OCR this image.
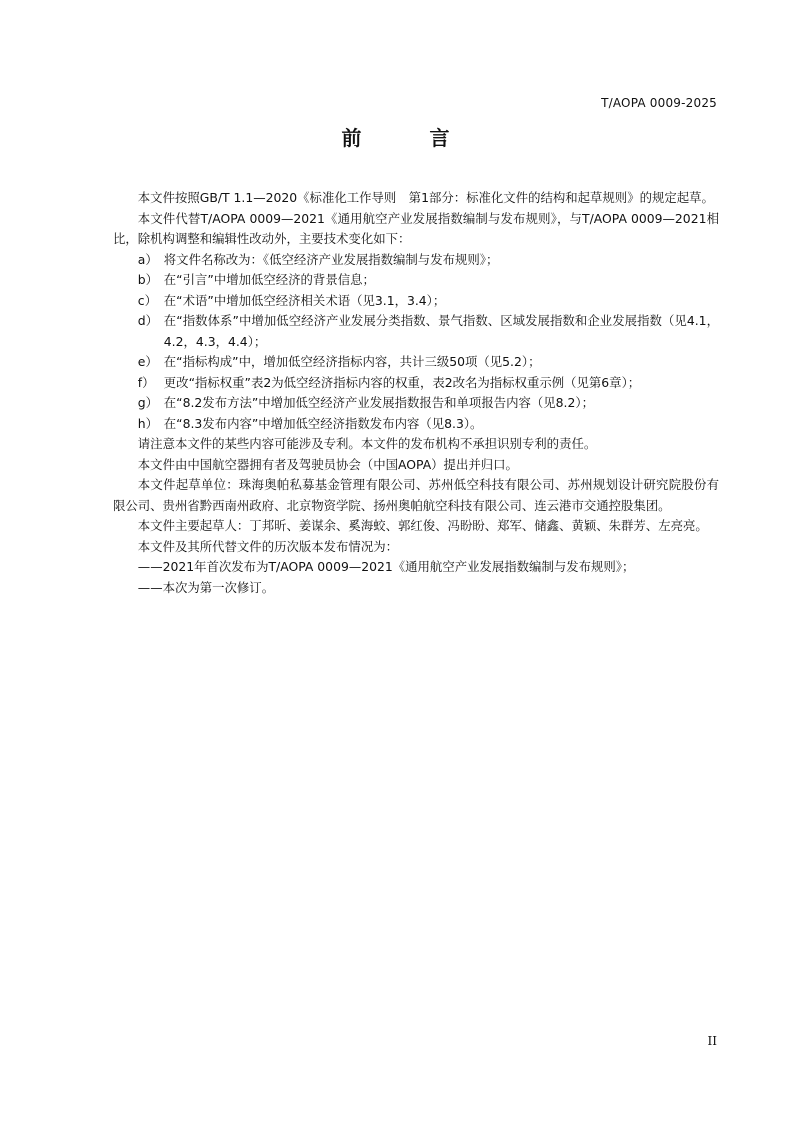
T/AOPA 0009-2025
前　言

本文件按照GB/T 1.1—2020《标准化工作导则　第1部分：标准化文件的结构和起草规则》的规定起草。

本文件代替T/AOPA 0009—2021《通用航空产业发展指数编制与发布规则》，与T/AOPA 0009—2021相比，除机构调整和编辑性改动外，主要技术变化如下：

a） 将文件名称改为：《低空经济产业发展指数编制与发布规则》；
b） 在“引言”中增加低空经济的背景信息；
c） 在“术语”中增加低空经济相关术语（见3.1，3.4）；
d） 在“指数体系”中增加低空经济产业发展分类指数、景气指数、区域发展指数和企业发展指数（见4.1，4.2，4.3，4.4）；
e） 在“指标构成”中，增加低空经济指标内容，共计三级50项（见5.2）；
f） 更改“指标权重”表2为低空经济指标内容的权重，表2改名为指标权重示例（见第6章）；
g） 在“8.2发布方法”中增加低空经济产业发展指数报告和单项报告内容（见8.2）；
h） 在“8.3发布内容”中增加低空经济指数发布内容（见8.3）。

请注意本文件的某些内容可能涉及专利。本文件的发布机构不承担识别专利的责任。

本文件由中国航空器拥有者及驾驶员协会（中国AOPA）提出并归口。

本文件起草单位：珠海奥帕私募基金管理有限公司、苏州低空科技有限公司、苏州规划设计研究院股份有限公司、贵州省黔西南州政府、北京物资学院、扬州奥帕航空科技有限公司、连云港市交通控股集团。

本文件主要起草人：丁邦昕、姜谋余、奚海蛟、郭红俊、冯盼盼、郑军、储鑫、黄颖、朱群芳、左亮亮。

本文件及其所代替文件的历次版本发布情况为：

——2021年首次发布为T/AOPA 0009—2021《通用航空产业发展指数编制与发布规则》；

——本次为第一次修订。

II
